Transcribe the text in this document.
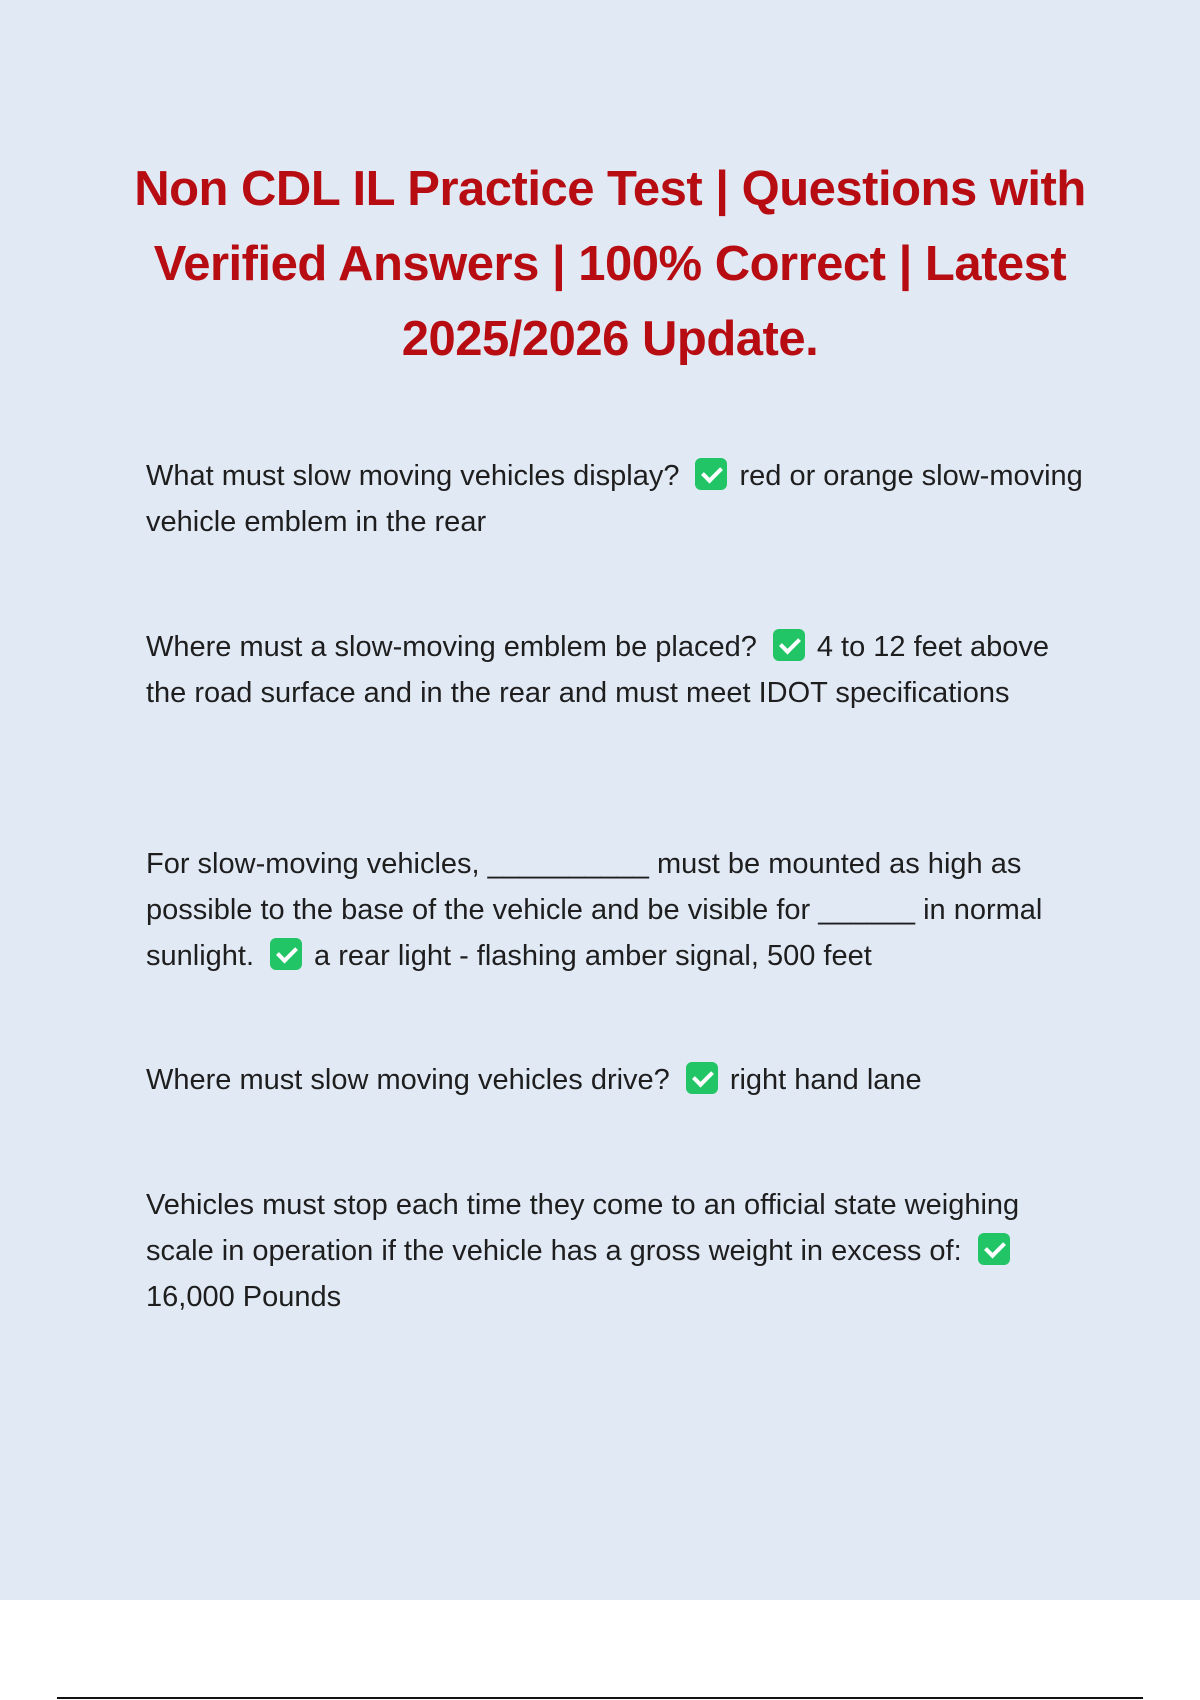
Non CDL IL Practice Test | Questions with Verified Answers | 100% Correct | Latest 2025/2026 Update.

What must slow moving vehicles display? red or orange slow-moving vehicle emblem in the rear

Where must a slow-moving emblem be placed? 4 to 12 feet above the road surface and in the rear and must meet IDOT specifications

For slow-moving vehicles, __________ must be mounted as high as possible to the base of the vehicle and be visible for ______ in normal sunlight. a rear light - flashing amber signal, 500 feet

Where must slow moving vehicles drive? right hand lane

Vehicles must stop each time they come to an official state weighing scale in operation if the vehicle has a gross weight in excess of:16,000 Pounds
